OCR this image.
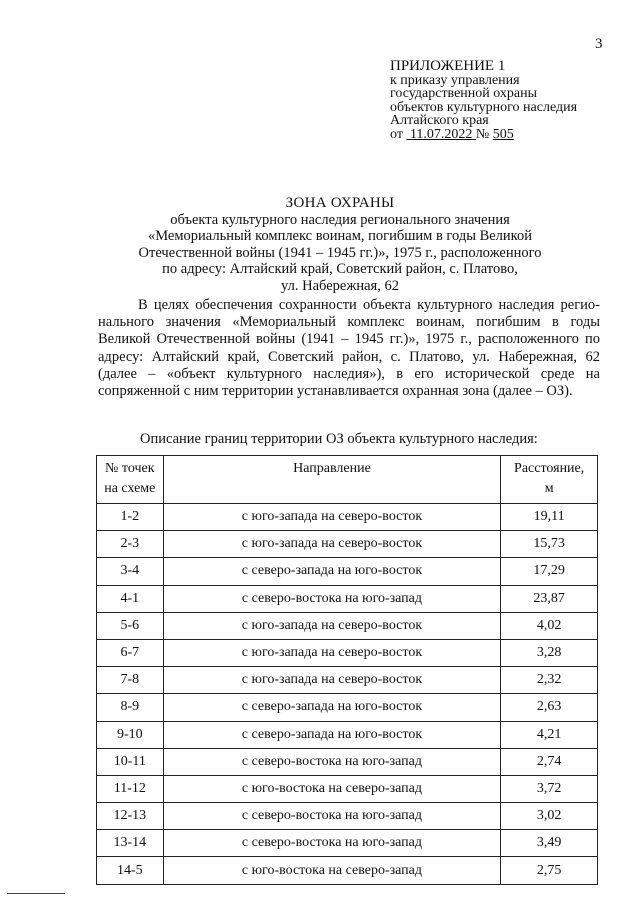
3
ПРИЛОЖЕНИЕ 1
к приказу управления
государственной охраны
объектов культурного наследия
Алтайского края
от 11.07.2022 № 505
ЗОНА ОХРАНЫ
объекта культурного наследия регионального значения
«Мемориальный комплекс воинам, погибшим в годы Великой
Отечественной войны (1941 – 1945 гг.)», 1975 г., расположенного
по адресу: Алтайский край, Советский район, с. Платово,
ул. Набережная, 62
В целях обеспечения сохранности объекта культурного наследия регио-
нального значения «Мемориальный комплекс воинам, погибшим в годы
Великой Отечественной войны (1941 – 1945 гг.)», 1975 г., расположенного по
адресу: Алтайский край, Советский район, с. Платово, ул. Набережная, 62
(далее – «объект культурного наследия»), в его исторической среде на
сопряженной с ним территории устанавливается охранная зона (далее – ОЗ).
Описание границ территории ОЗ объекта культурного наследия:
№ точек
на схеме	Направление	Расстояние,
м
1-2	с юго-запада на северо-восток	19,11
2-3	с юго-запада на северо-восток	15,73
3-4	с северо-запада на юго-восток	17,29
4-1	с северо-востока на юго-запад	23,87
5-6	с юго-запада на северо-восток	4,02
6-7	с юго-запада на северо-восток	3,28
7-8	с юго-запада на северо-восток	2,32
8-9	с северо-запада на юго-восток	2,63
9-10	с северо-запада на юго-восток	4,21
10-11	с северо-востока на юго-запад	2,74
11-12	с юго-востока на северо-запад	3,72
12-13	с северо-востока на юго-запад	3,02
13-14	с северо-востока на юго-запад	3,49
14-5	с юго-востока на северо-запад	2,75
